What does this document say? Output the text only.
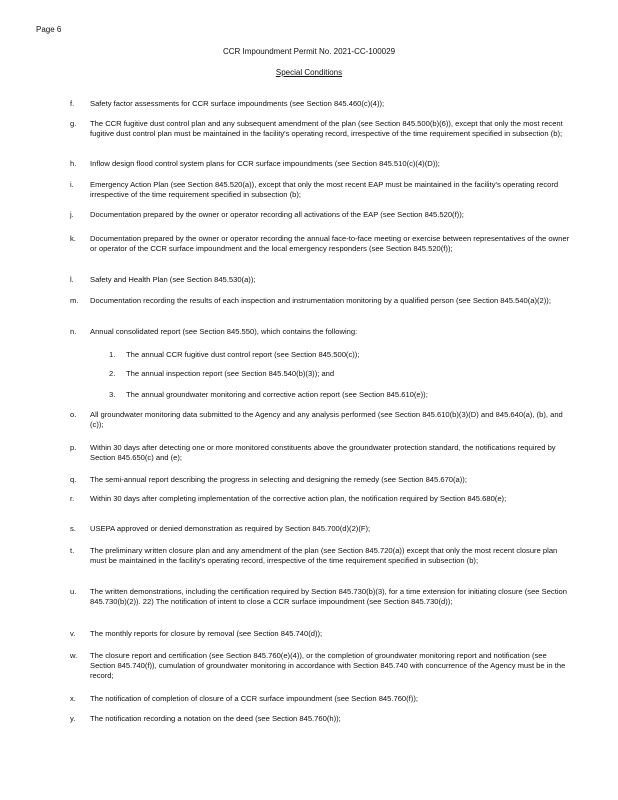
Page 6
CCR Impoundment Permit No. 2021-CC-100029
Special Conditions
f.	Safety factor assessments for CCR surface impoundments (see Section 845.460(c)(4));
g.	The CCR fugitive dust control plan and any subsequent amendment of the plan (see Section 845.500(b)(6)), except that only the most recent fugitive dust control plan must be maintained in the facility's operating record, irrespective of the time requirement specified in subsection (b);
h.	Inflow design flood control system plans for CCR surface impoundments (see Section 845.510(c)(4)(D));
i.	Emergency Action Plan (see Section 845.520(a)), except that only the most recent EAP must be maintained in the facility's operating record irrespective of the time requirement specified in subsection (b);
j.	Documentation prepared by the owner or operator recording all activations of the EAP (see Section 845.520(f));
k.	Documentation prepared by the owner or operator recording the annual face-to-face meeting or exercise between representatives of the owner or operator of the CCR surface impoundment and the local emergency responders (see Section 845.520(f));
l.	Safety and Health Plan (see Section 845.530(a));
m.	Documentation recording the results of each inspection and instrumentation monitoring by a qualified person (see Section 845.540(a)(2));
n.	Annual consolidated report (see Section 845.550), which contains the following:
1.	The annual CCR fugitive dust control report (see Section 845.500(c));
2.	The annual inspection report (see Section 845.540(b)(3)); and
3.	The annual groundwater monitoring and corrective action report (see Section 845.610(e));
o.	All groundwater monitoring data submitted to the Agency and any analysis performed (see Section 845.610(b)(3)(D) and 845.640(a), (b), and (c));
p.	Within 30 days after detecting one or more monitored constituents above the groundwater protection standard, the notifications required by Section 845.650(c) and (e);
q.	The semi-annual report describing the progress in selecting and designing the remedy (see Section 845.670(a));
r.	Within 30 days after completing implementation of the corrective action plan, the notification required by Section 845.680(e);
s.	USEPA approved or denied demonstration as required by Section 845.700(d)(2)(F);
t.	The preliminary written closure plan and any amendment of the plan (see Section 845.720(a)) except that only the most recent closure plan must be maintained in the facility's operating record, irrespective of the time requirement specified in subsection (b);
u.	The written demonstrations, including the certification required by Section 845.730(b)(3), for a time extension for initiating closure (see Section 845.730(b)(2)). 22) The notification of intent to close a CCR surface impoundment (see Section 845.730(d));
v.	The monthly reports for closure by removal (see Section 845.740(d));
w.	The closure report and certification (see Section 845.760(e)(4)), or the completion of groundwater monitoring report and notification (see Section 845.740(f)), cumulation of groundwater monitoring in accordance with Section 845.740 with concurrence of the Agency must be in the record;
x.	The notification of completion of closure of a CCR surface impoundment (see Section 845.760(f));
y.	The notification recording a notation on the deed (see Section 845.760(h));
